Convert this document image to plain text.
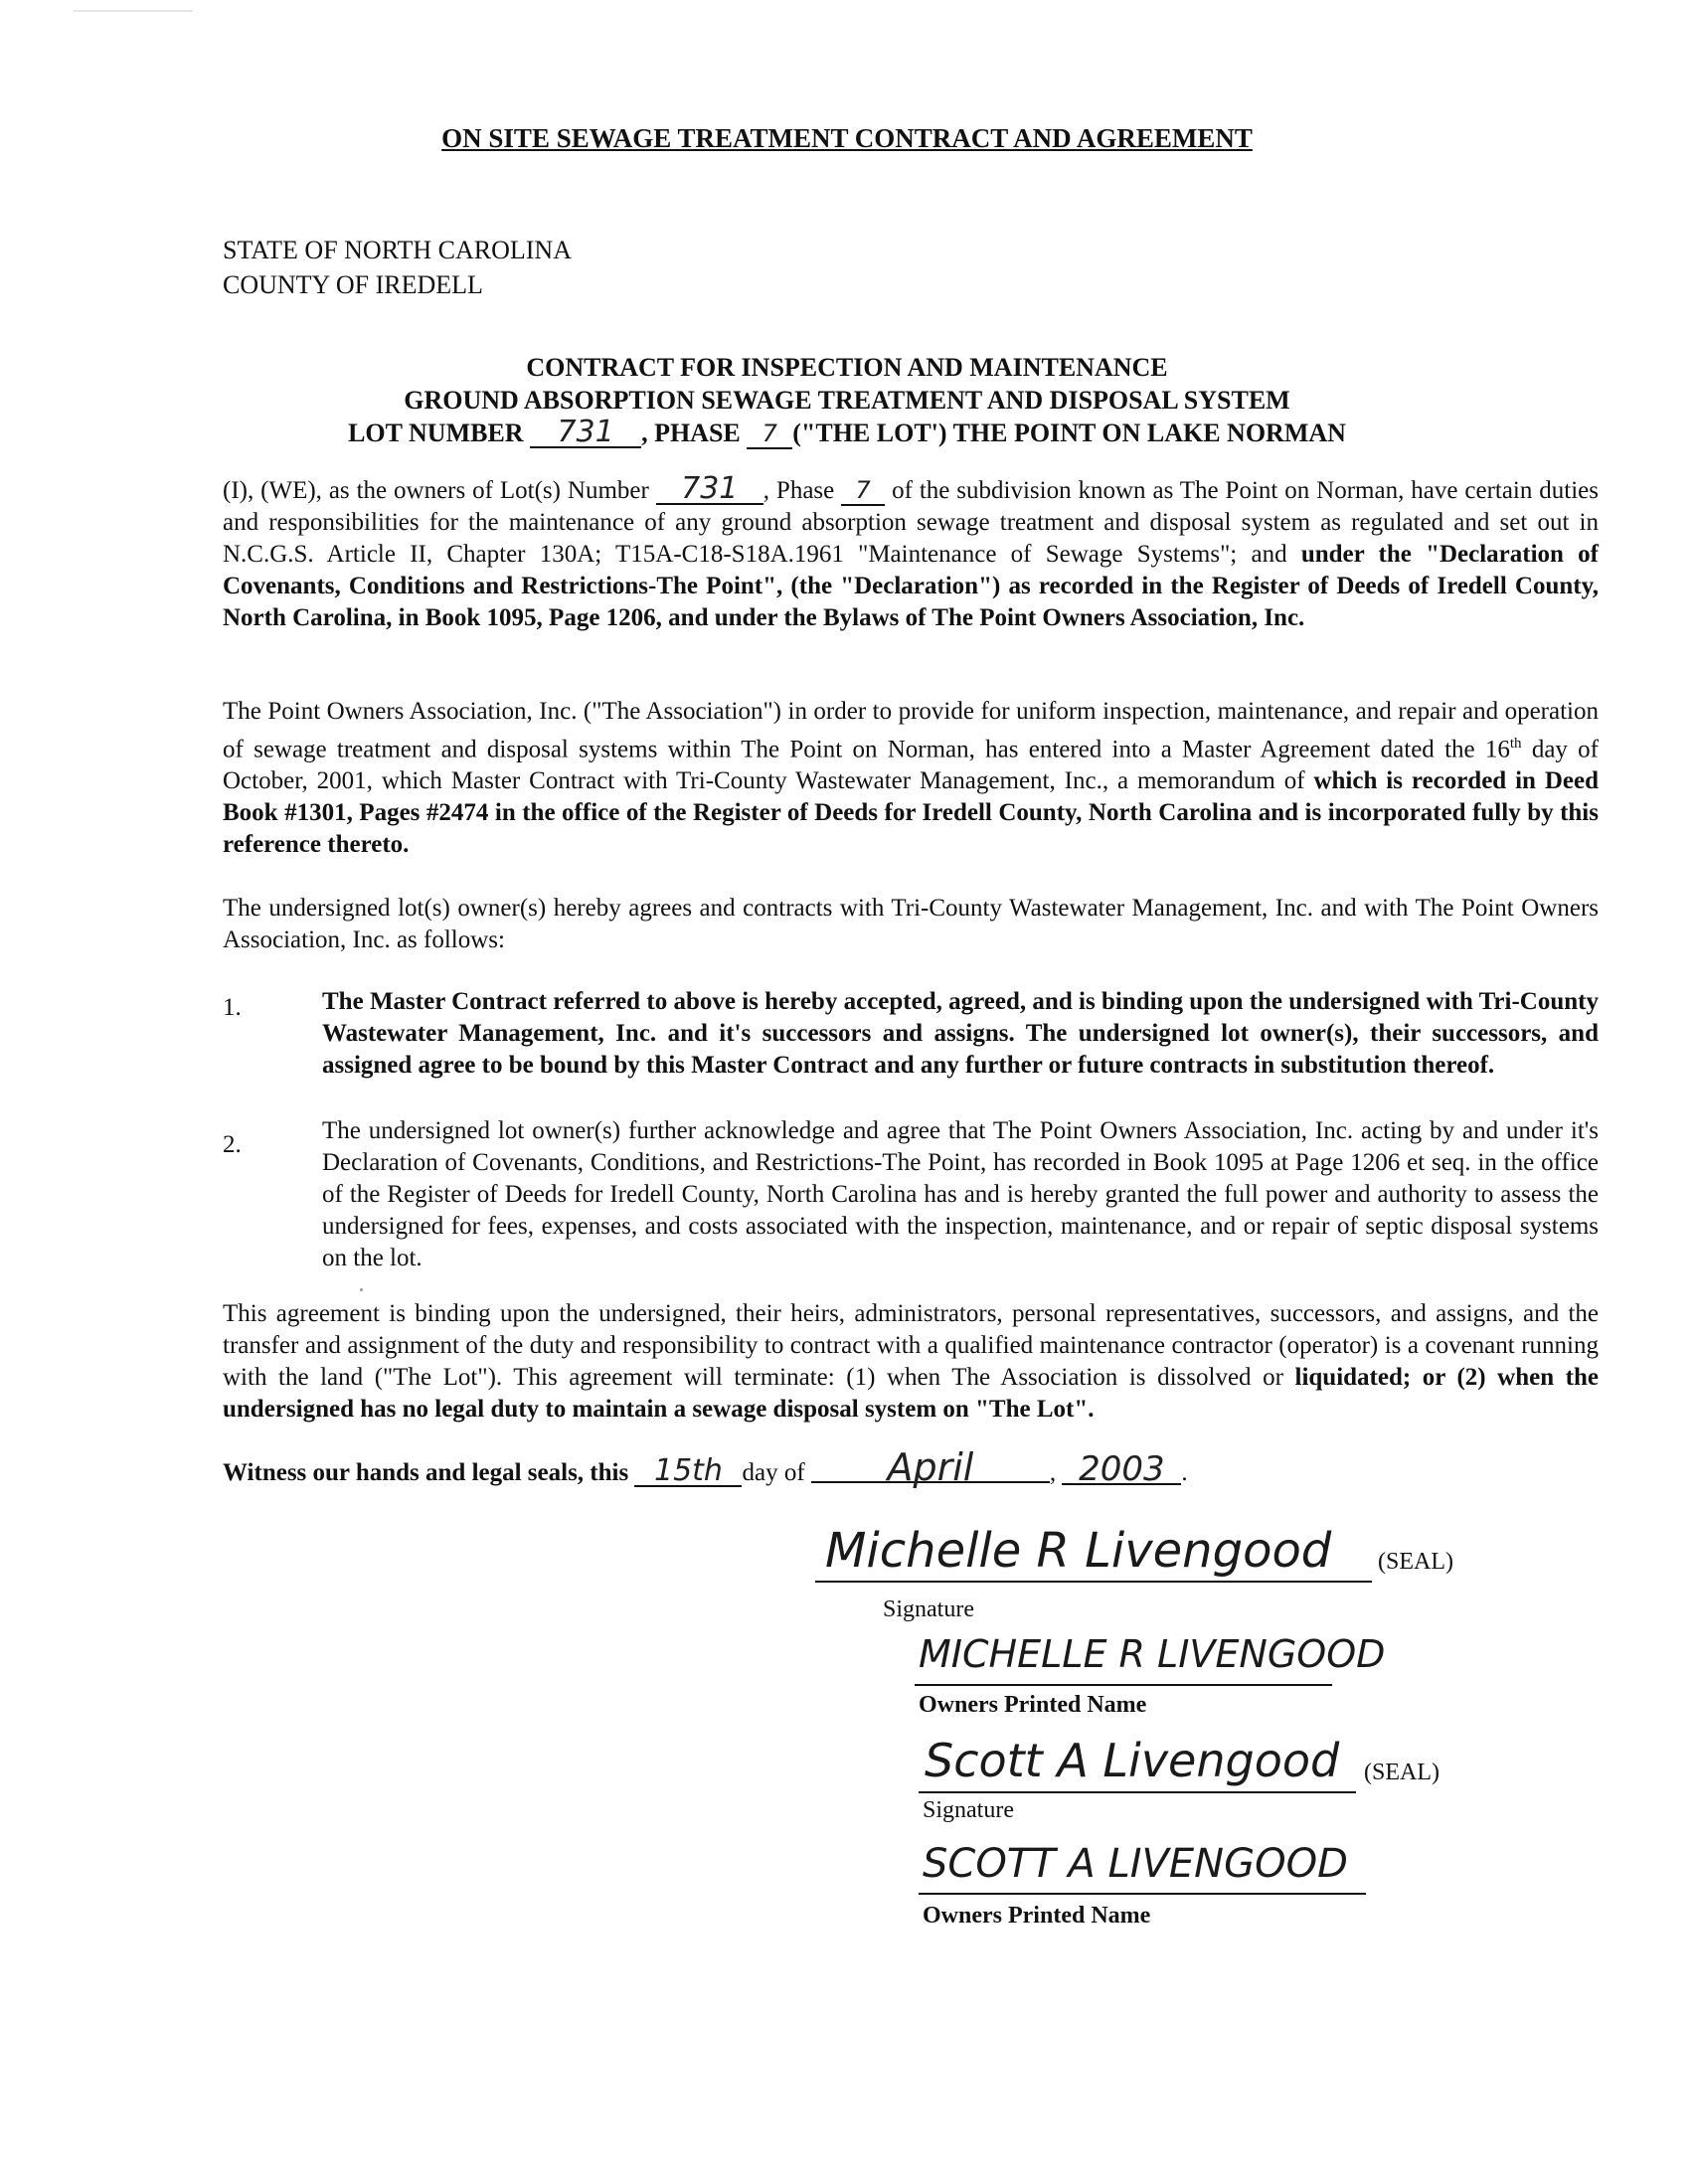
ON SITE SEWAGE TREATMENT CONTRACT AND AGREEMENT
STATE OF NORTH CAROLINA
COUNTY OF IREDELL
CONTRACT FOR INSPECTION AND MAINTENANCE
GROUND ABSORPTION SEWAGE TREATMENT AND DISPOSAL SYSTEM
LOT NUMBER 731 , PHASE 7 ("THE LOT') THE POINT ON LAKE NORMAN
(I), (WE), as the owners of Lot(s) Number 731 , Phase 7 of the subdivision known as The Point on Norman, have certain duties and responsibilities for the maintenance of any ground absorption sewage treatment and disposal system as regulated and set out in N.C.G.S. Article II, Chapter 130A; T15A-C18-S18A.1961 "Maintenance of Sewage Systems"; and under the "Declaration of Covenants, Conditions and Restrictions-The Point", (the "Declaration") as recorded in the Register of Deeds of Iredell County, North Carolina, in Book 1095, Page 1206, and under the Bylaws of The Point Owners Association, Inc.
The Point Owners Association, Inc. ("The Association") in order to provide for uniform inspection, maintenance, and repair and operation of sewage treatment and disposal systems within The Point on Norman, has entered into a Master Agreement dated the 16th day of October, 2001, which Master Contract with Tri-County Wastewater Management, Inc., a memorandum of which is recorded in Deed Book #1301, Pages #2474 in the office of the Register of Deeds for Iredell County, North Carolina and is incorporated fully by this reference thereto.
The undersigned lot(s) owner(s) hereby agrees and contracts with Tri-County Wastewater Management, Inc. and with The Point Owners Association, Inc. as follows:
1.	The Master Contract referred to above is hereby accepted, agreed, and is binding upon the undersigned with Tri-County Wastewater Management, Inc. and it's successors and assigns. The undersigned lot owner(s), their successors, and assigned agree to be bound by this Master Contract and any further or future contracts in substitution thereof.
2.
The undersigned lot owner(s) further acknowledge and agree that The Point Owners Association, Inc. acting by and under it's Declaration of Covenants, Conditions, and Restrictions-The Point, has recorded in Book 1095 at Page 1206 et seq. in the office of the Register of Deeds for Iredell County, North Carolina has and is hereby granted the full power and authority to assess the undersigned for fees, expenses, and costs associated with the inspection, maintenance, and or repair of septic disposal systems on the lot.
This agreement is binding upon the undersigned, their heirs, administrators, personal representatives, successors, and assigns, and the transfer and assignment of the duty and responsibility to contract with a qualified maintenance contractor (operator) is a covenant running with the land ("The Lot"). This agreement will terminate: (1) when The Association is dissolved or liquidated; or (2) when the undersigned has no legal duty to maintain a sewage disposal system on "The Lot".
Witness our hands and legal seals, this 15th day of April	, 2003 .
Michelle R Livengood (SEAL)
Signature
MICHELLE R LIVENGOOD
Owners Printed Name
Scott A Livengood (SEAL)
Signature
SCOTT A LIVENGOOD
Owners Printed Name
